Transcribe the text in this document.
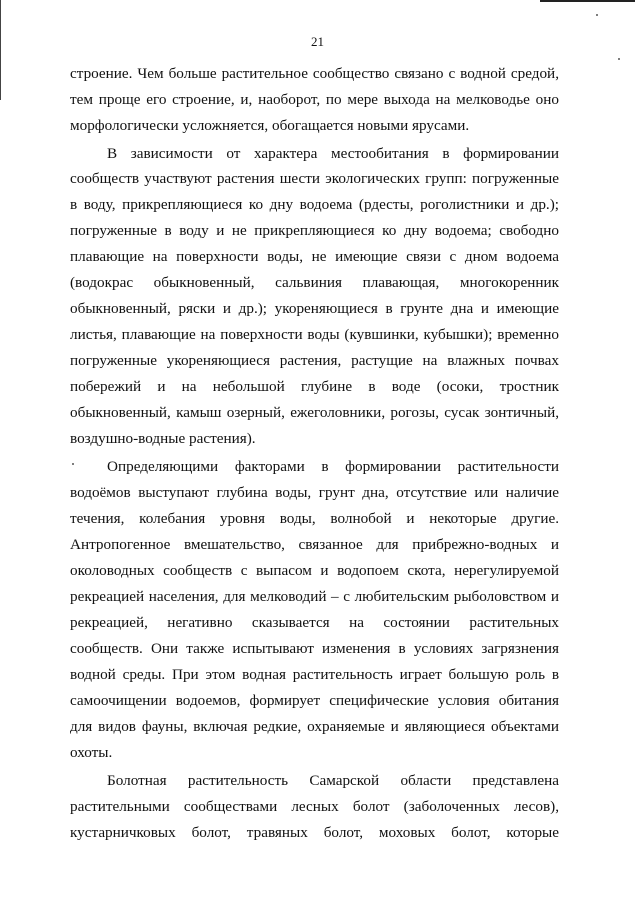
21
строение. Чем больше растительное сообщество связано с водной средой,
тем проще его строение, и, наоборот, по мере выхода на мелководье оно
морфологически усложняется, обогащается новыми ярусами.
В зависимости от характера местообитания в формировании
сообществ участвуют растения шести экологических групп: погруженные
в воду, прикрепляющиеся ко дну водоема (рдесты, роголистники и др.);
погруженные в воду и не прикрепляющиеся ко дну водоема; свободно
плавающие на поверхности воды, не имеющие связи с дном водоема
(водокрас обыкновенный, сальвиния плавающая, многокоренник
обыкновенный, ряски и др.); укореняющиеся в грунте дна и имеющие
листья, плавающие на поверхности воды (кувшинки, кубышки); временно
погруженные укореняющиеся растения, растущие на влажных почвах
побережий и на небольшой глубине в воде (осоки, тростник
обыкновенный, камыш озерный, ежеголовники, рогозы, сусак зонтичный,
воздушно-водные растения).
Определяющими факторами в формировании растительности
водоёмов выступают глубина воды, грунт дна, отсутствие или наличие
течения, колебания уровня воды, волнобой и некоторые другие.
Антропогенное вмешательство, связанное для прибрежно-водных и
околоводных сообществ с выпасом и водопоем скота, нерегулируемой
рекреацией населения, для мелководий – с любительским рыболовством и
рекреацией, негативно сказывается на состоянии растительных
сообществ. Они также испытывают изменения в условиях загрязнения
водной среды. При этом водная растительность играет большую роль в
самоочищении водоемов, формирует специфические условия обитания
для видов фауны, включая редкие, охраняемые и являющиеся объектами
охоты.
Болотная растительность Самарской области представлена
растительными сообществами лесных болот (заболоченных лесов),
кустарничковых болот, травяных болот, моховых болот, которые
